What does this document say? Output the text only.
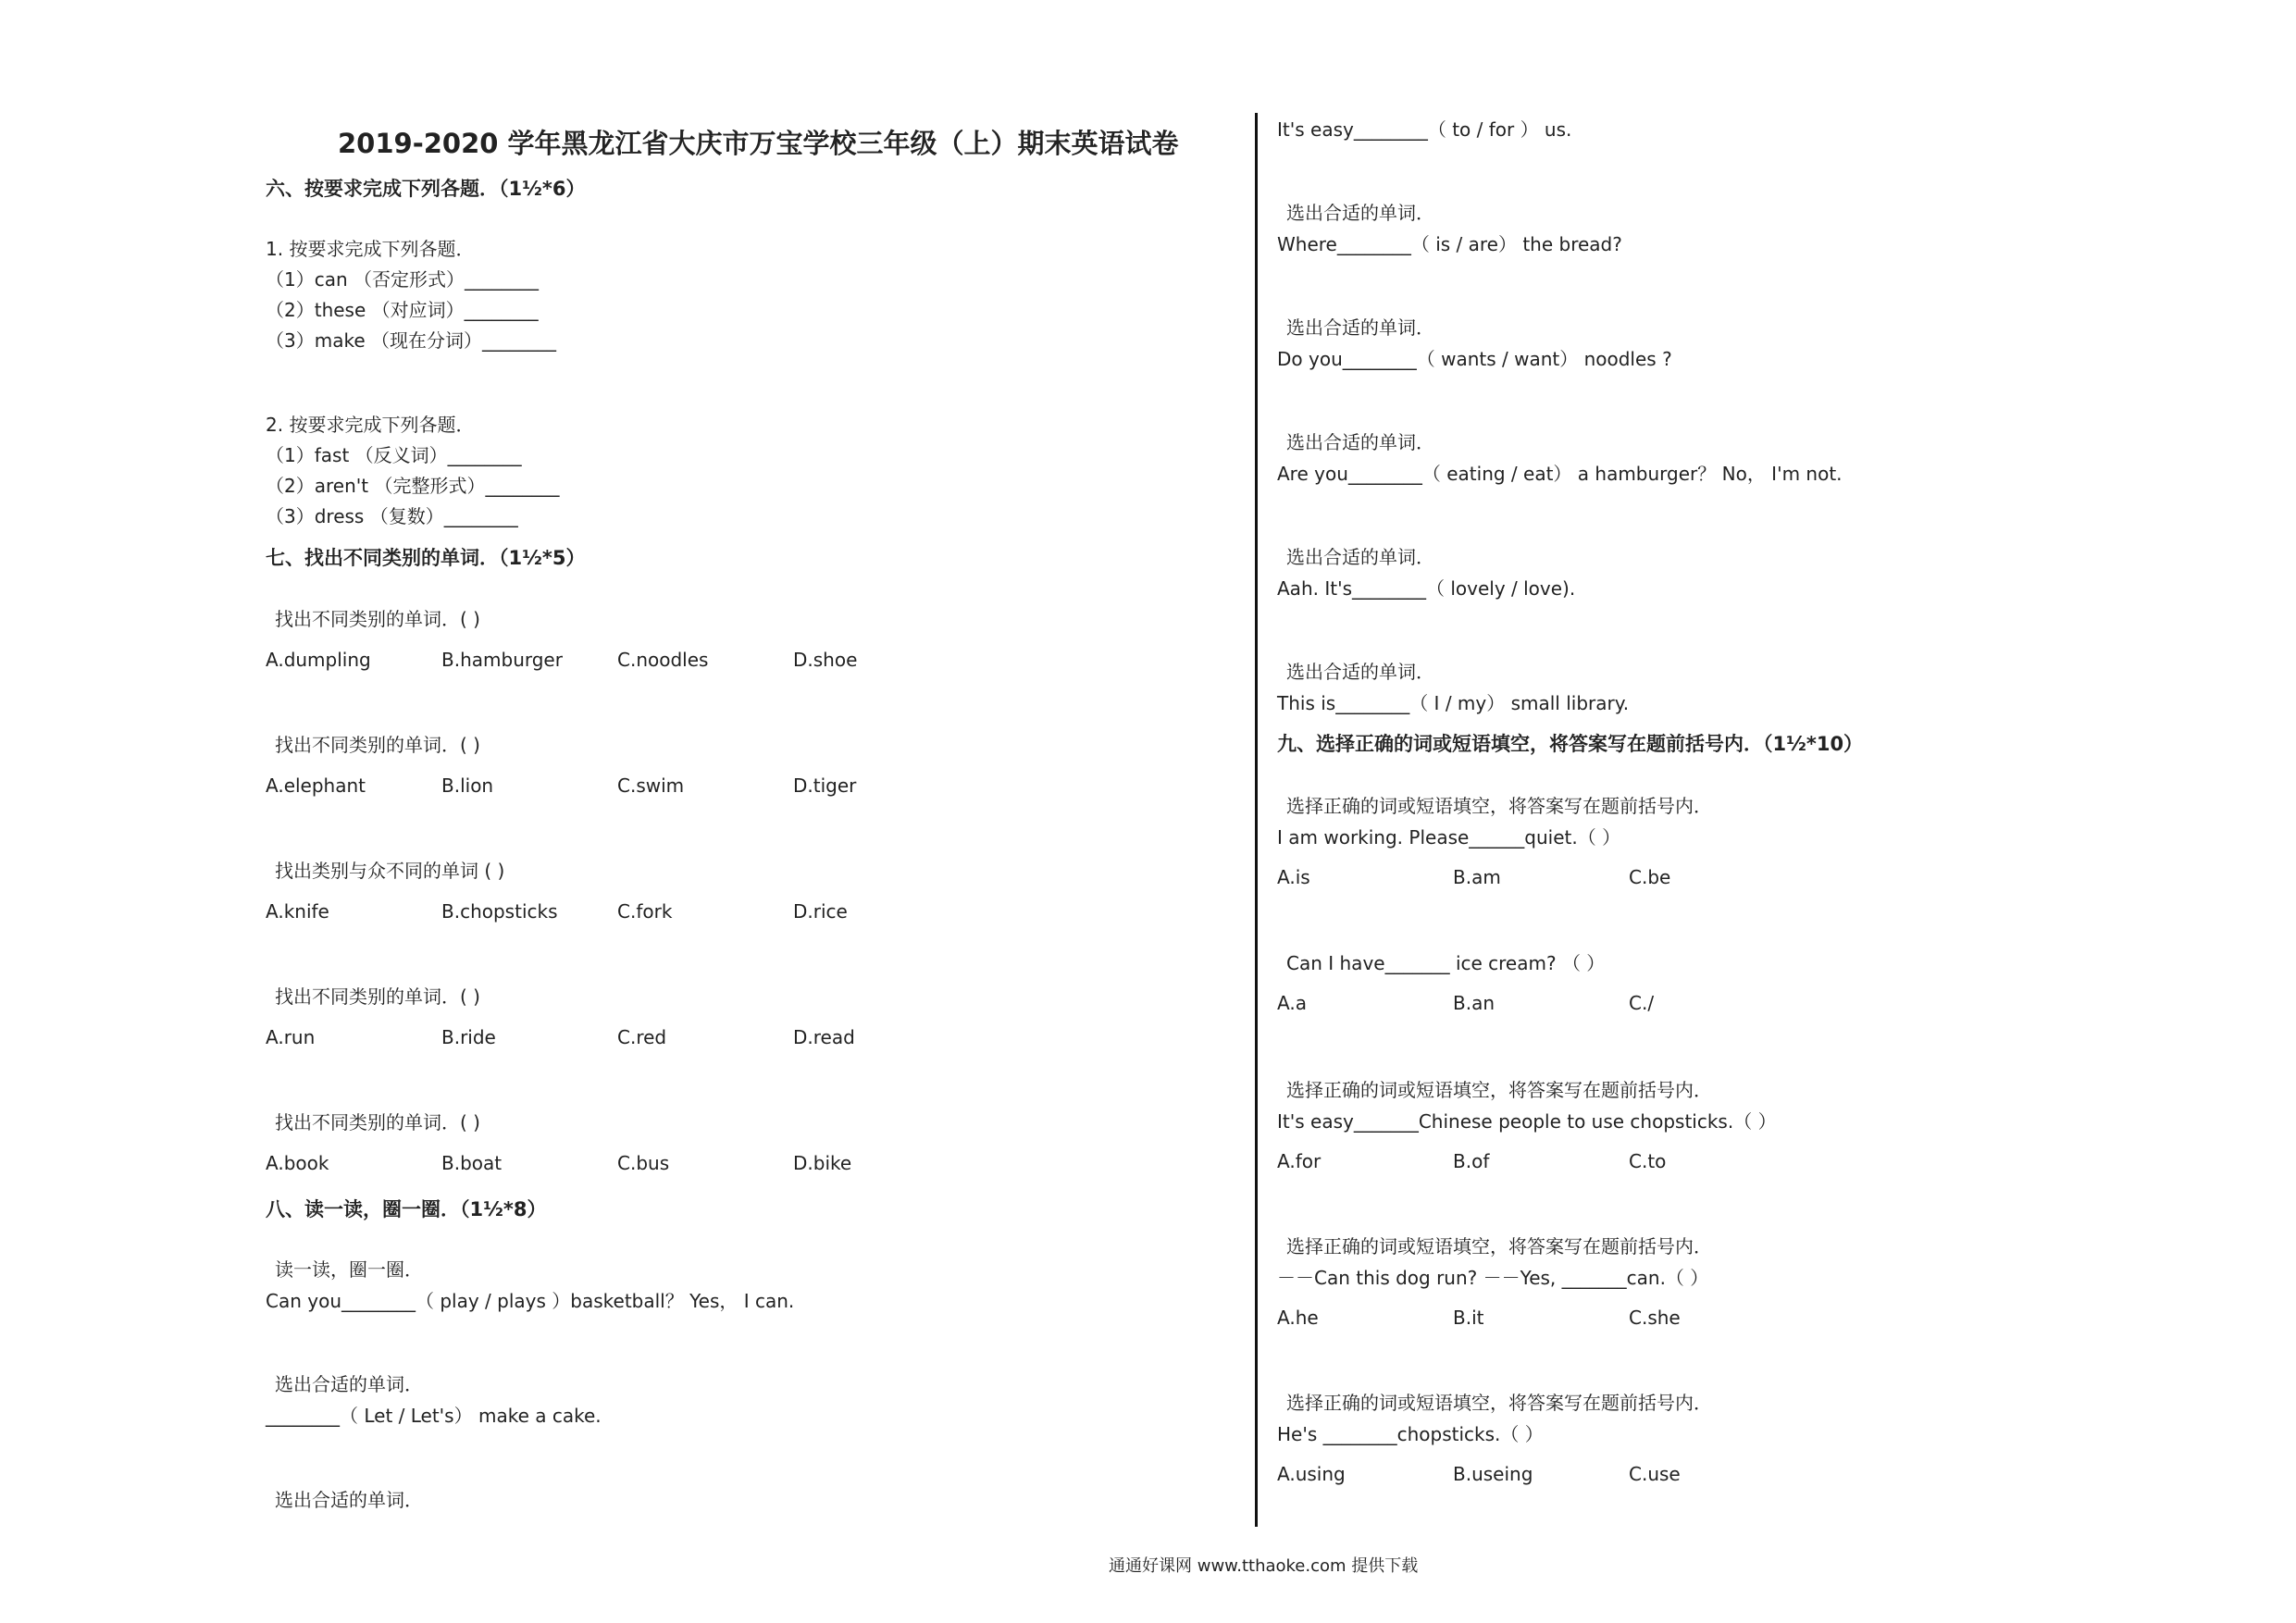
2019-2020 学年黑龙江省大庆市万宝学校三年级（上）期末英语试卷
六、按要求完成下列各题．（1½*6）
1. 按要求完成下列各题．
（1）can （否定形式）________
（2）these （对应词）________
（3）make （现在分词）________
2. 按要求完成下列各题．
（1）fast （反义词）________
（2）aren't （完整形式）________
（3）dress （复数）________
七、找出不同类别的单词．（1½*5）
找出不同类别的单词．( )
A.dumpling	B.hamburger	C.noodles	D.shoe
找出不同类别的单词．( )
A.elephant	B.lion	C.swim	D.tiger
找出类别与众不同的单词 ( )
A.knife	B.chopsticks	C.fork	D.rice
找出不同类别的单词．( )
A.run	B.ride	C.red	D.read
找出不同类别的单词．( )
A.book	B.boat	C.bus	D.bike
八、读一读，圈一圈．（1½*8）
读一读，圈一圈．
Can you________（ play / plays ）basketball？ Yes， I can.
选出合适的单词．
________（ Let / Let's） make a cake.
选出合适的单词．
It's easy________（ to / for ） us.
选出合适的单词．
Where________（ is / are） the bread?
选出合适的单词．
Do you________（ wants / want） noodles ?
选出合适的单词．
Are you________（ eating / eat） a hamburger？ No， I'm not.
选出合适的单词．
Aah. It's________（ lovely / love).
选出合适的单词．
This is________（ I / my） small library.
九、选择正确的词或短语填空，将答案写在题前括号内．（1½*10）
选择正确的词或短语填空，将答案写在题前括号内．
I am working. Please______quiet.（ ）
A.is	B.am	C.be
Can I have_______ ice cream? （ ）
A.a	B.an	C./
选择正确的词或短语填空，将答案写在题前括号内．
It's easy_______Chinese people to use chopsticks.（ ）
A.for	B.of	C.to
选择正确的词或短语填空，将答案写在题前括号内．
－－Can this dog run? －－Yes, _______can.（ ）
A.he	B.it	C.she
选择正确的词或短语填空，将答案写在题前括号内．
He's ________chopsticks.（ ）
A.using	B.useing	C.use
通通好课网 www.tthaoke.com 提供下载
